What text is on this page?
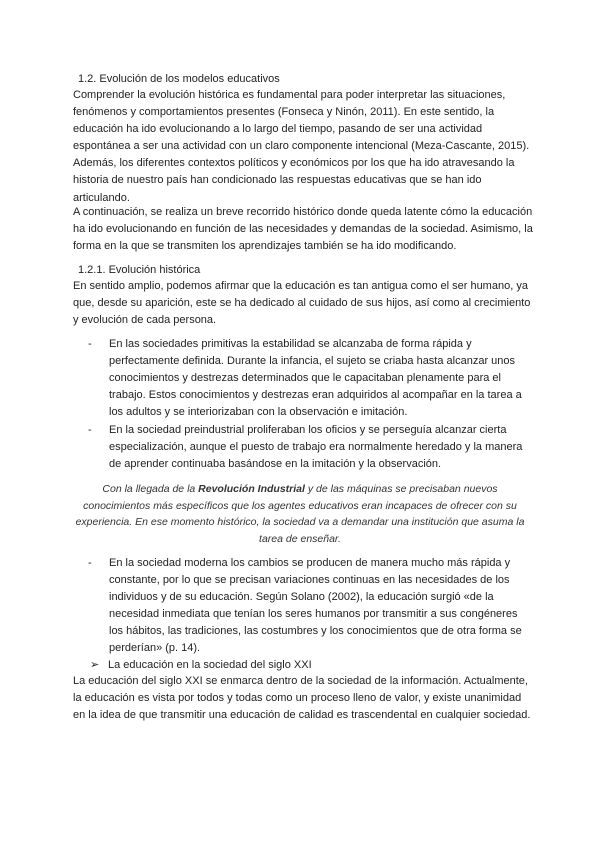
1.2. Evolución de los modelos educativos

Comprender la evolución histórica es fundamental para poder interpretar las situaciones, fenómenos y comportamientos presentes (Fonseca y Ninón, 2011). En este sentido, la educación ha ido evolucionando a lo largo del tiempo, pasando de ser una actividad espontánea a ser una actividad con un claro componente intencional (Meza-Cascante, 2015). Además, los diferentes contextos políticos y económicos por los que ha ido atravesando la historia de nuestro país han condicionado las respuestas educativas que se han ido articulando.

A continuación, se realiza un breve recorrido histórico donde queda latente cómo la educación ha ido evolucionando en función de las necesidades y demandas de la sociedad. Asimismo, la forma en la que se transmiten los aprendizajes también se ha ido modificando.

1.2.1. Evolución histórica

En sentido amplio, podemos afirmar que la educación es tan antigua como el ser humano, ya que, desde su aparición, este se ha dedicado al cuidado de sus hijos, así como al crecimiento y evolución de cada persona.

- En las sociedades primitivas la estabilidad se alcanzaba de forma rápida y perfectamente definida. Durante la infancia, el sujeto se criaba hasta alcanzar unos conocimientos y destrezas determinados que le capacitaban plenamente para el trabajo. Estos conocimientos y destrezas eran adquiridos al acompañar en la tarea a los adultos y se interiorizaban con la observación e imitación.

- En la sociedad preindustrial proliferaban los oficios y se perseguía alcanzar cierta especialización, aunque el puesto de trabajo era normalmente heredado y la manera de aprender continuaba basándose en la imitación y la observación.

Con la llegada de la Revolución Industrial y de las máquinas se precisaban nuevos conocimientos más específicos que los agentes educativos eran incapaces de ofrecer con su experiencia. En ese momento histórico, la sociedad va a demandar una institución que asuma la tarea de enseñar.

- En la sociedad moderna los cambios se producen de manera mucho más rápida y constante, por lo que se precisan variaciones continuas en las necesidades de los individuos y de su educación. Según Solano (2002), la educación surgió «de la necesidad inmediata que tenían los seres humanos por transmitir a sus congéneres los hábitos, las tradiciones, las costumbres y los conocimientos que de otra forma se perderían» (p. 14).

➢ La educación en la sociedad del siglo XXI

La educación del siglo XXI se enmarca dentro de la sociedad de la información. Actualmente, la educación es vista por todos y todas como un proceso lleno de valor, y existe unanimidad en la idea de que transmitir una educación de calidad es trascendental en cualquier sociedad.
